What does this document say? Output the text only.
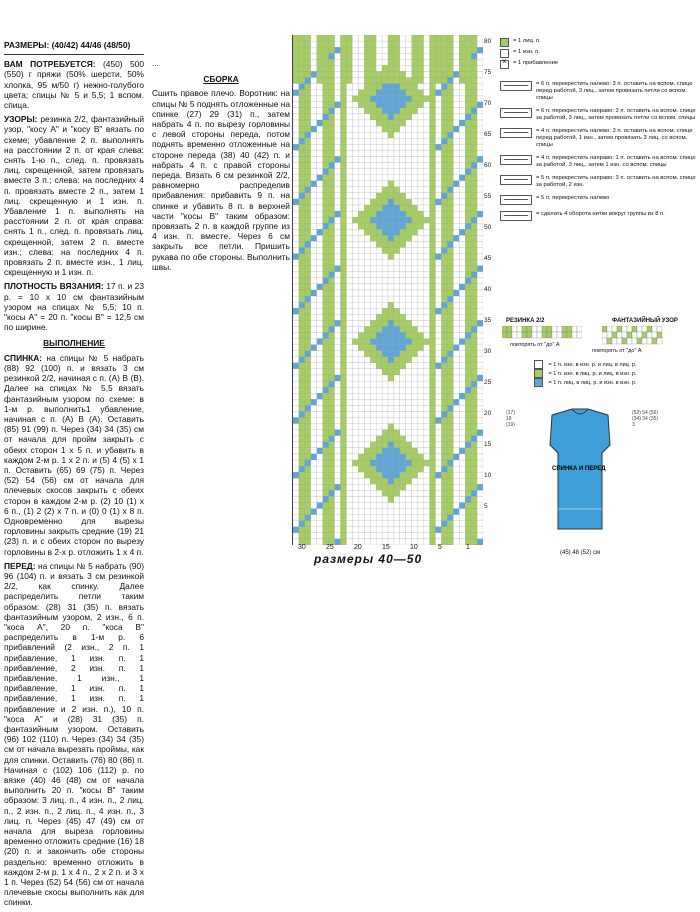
РАЗМЕРЫ: (40/42) 44/46 (48/50)

ВАМ ПОТРЕБУЕТСЯ: (450) 500 (550) г пряжи (50% шерсти, 50% хлопка, 95 м/50 г) нежно-голубого цвета; спицы № 5 и 5,5; 1 вспом. спица.

УЗОРЫ: резинка 2/2, фантазийный узор, "косу А" и "косу В" вязать по схеме; убавление 2 п. выполнять на расстоянии 2 п. от края слева: снять 1-ю п., след. п. провязать лиц. скрещенной, затем провязать вместе 3 п.; слева: на последних 4 п. провязать вместе 2 п., затем 1 лиц. скрещенную и 1 изн. п. Убавление 1 п. выполнять на расстоянии 2 п. от края справа: снять 1 п., след. п. провязать лиц. скрещенной, затем 2 п. вместе изн.; слева: на последних 4 п. провязать 2 п. вместе изн., 1 лиц. скрещенную и 1 изн. п.

ПЛОТНОСТЬ ВЯЗАНИЯ: 17 п. и 23 р. = 10 х 10 см фантазийным узором на спицах № 5,5; 10 п. "косы А" = 20 п. "косы В" = 12,5 см по ширине.

ВЫПОЛНЕНИЕ

СПИНКА: на спицы № 5 набрать (88) 92 (100) п. и вязать 3 см резинкой 2/2, начиная с п. (А) В (В). Далее на спицах № 5,5 вязать фантазийным узором по схеме: в 1-м р. выполнить1 убавление, начиная с п. (А) В (А). Оставить (85) 91 (99) п. Через (34) 34 (35) см от начала для пройм закрыть с обеих сторон 1 х 5 п. и убавить в каждом 2-м р. 1 х 2 п. и (5) 4 (5) х 1 п. Оставить (65) 69 (75) п. Через (52) 54 (56) см от начала для плечевых скосов закрыть с обеих сторон в каждом 2-м р. (2) 10 (1) х 6 п., (1) 2 (2) х 7 п. и (0) 0 (1) х 8 п. Одновременно для вырезы горловины закрыть средние (19) 21 (23) п. и с обеих сторон по вырезу горловины в 2-х р. отложить 1 х 4 п.

ПЕРЕД: на спицы № 5 набрать (90) 96 (104) п. и вязать 3 см резинкой 2/2, как спинку. Далее распределить петли таким образом: (28) 31 (35) п. вязать фантазийным узором, 2 изн., 6 п. "коса А", 20 п. "коса В" распределить в 1-м р. 6 прибавлений (2 изн., 2 п. 1 прибавление, 1 изн. п. 1 прибавление, 2 изн. п. 1 прибавление, 1 изн., 1 прибавление, 1 изн. п. 1 прибавление, 1 изн. п. 1 прибавление и 2 изн. п.), 10 п. "коса А" и (28) 31 (35) п. фантазийным узором. Оставить (96) 102 (110) п. Через (34) 34 (35) см от начала вырезать проймы, как для спинки. Оставить (76) 80 (86) п. Начиная с (102) 106 (112) р. по вязке (40) 46 (48) см от начала выполнить 20 п. "косы В" таким образом: 3 лиц. п., 4 изн. п., 2 лиц. п., 2 изн. п., 2 лиц. п., 4 изн. п., 3 лиц. п. Через (45) 47 (49) см от начала для выреза горловины временно отложить средние (16) 18 (20) п. и закончить обе стороны раздельно: временно отложить в каждом 2-м р. 1 х 4 п., 2 х 2 п. и 3 х 1 п. Через (52) 54 (56) см от начала плечевые скосы выполнить как для спинки.

...

СБОРКА

Сшить правое плечо. Воротник: на спицы № 5 поднять отложенные на спинке (27) 29 (31) п., затем набрать 4 п. по вырезу горловины с левой стороны переда, потом поднять временно отложенные на стороне переда (38) 40 (42) п. и набрать 4 п. с правой стороны переда. Вязать 6 см резинкой 2/2, равномерно распределив прибавления: прибавить 9 п. на спинке и убавить 8 п. в верхней части "косы В" таким образом: провязать 2 п. в каждой группе из 4 изн. п. вместе. Через 6 см закрыть все петли. Пришить рукава по обе стороны. Выполнить швы.

80
75
70
65
60
55
50
45
40
35
30
25
20
15
10
5
30	25	20	15	10	5	1
= 1 лиц. п.
= 1 изн. п.
×
= 1 прибавление
= 6 п. перекрестить налево: 3 п. оставить на вспом. спице перед работой, 3 лиц., затем провязать петли со вспом. спицы
= 6 п. перекрестить направо: 3 п. оставить на вспом. спице за работой, 3 лиц., затем провязать петли со вспом. спицы
= 4 п. перекрестить налево: 3 п. оставить на вспом. спице перед работой, 1 изн., затем провязать 3 лиц. со вспом. спицы
= 4 п. перекрестить направо: 1 п. оставить на вспом. спице за работой, 3 лиц., затем 1 изн. со вспом. спицы
= 5 п. перекрестить направо: 3 п. оставить на вспом. спице за работой, 2 изн.
= 5 п. перекрестить налево
= сделать 4 оборота нитки вокруг группы из 8 п.
РЕЗИНКА 2/2
повторять от "до" А
ФАНТАЗИЙНЫЙ УЗОР
повторять от "до" А
= 1 п. изн. в изн. р. и лиц. в лиц. р.
= 1 п. изн. в лиц. р. и лиц. в изн. р.
= 1 п. лиц. в лиц. р. и изн. в изн. р.
СПИНКА И ПЕРЕД
(45) 48 (52) см
(17)
18
(19)
(52) 54 (56)
(34) 34 (35)
3
размеры 40—50
